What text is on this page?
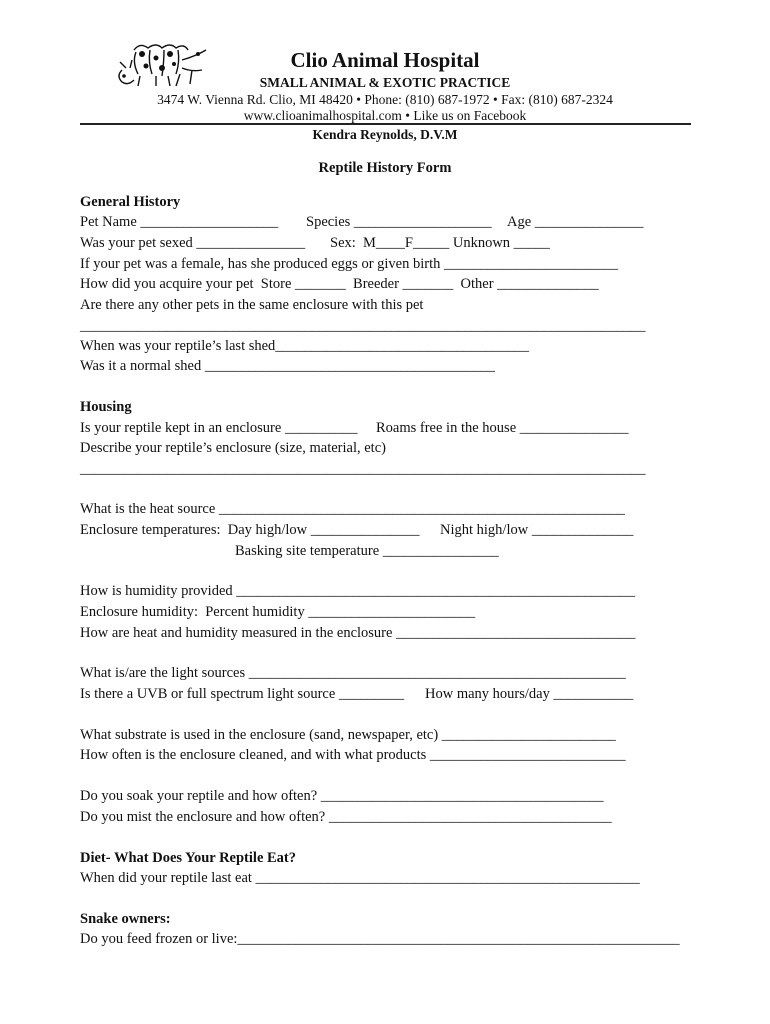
Clio Animal Hospital
SMALL ANIMAL & EXOTIC PRACTICE
3474 W. Vienna Rd. Clio, MI 48420 • Phone: (810) 687-1972 • Fax: (810) 687-2324
www.clioanimalhospital.com • Like us on Facebook
Kendra Reynolds, D.V.M
Reptile History Form
General History
Pet Name ___________________ Species ___________________ Age _______________
Was your pet sexed _______________ Sex:  M____F_____ Unknown _____
If your pet was a female, has she produced eggs or given birth ________________________
How did you acquire your pet  Store _______  Breeder _______  Other ______________
Are there any other pets in the same enclosure with this pet
______________________________________________________________________________
When was your reptile’s last shed___________________________________
Was it a normal shed ________________________________________
Housing
Is your reptile kept in an enclosure __________ Roams free in the house _______________
Describe your reptile’s enclosure (size, material, etc)
______________________________________________________________________________
What is the heat source ________________________________________________________
Enclosure temperatures:  Day high/low _______________ Night high/low ______________
Basking site temperature ________________
How is humidity provided _______________________________________________________
Enclosure humidity:  Percent humidity _______________________
How are heat and humidity measured in the enclosure _________________________________
What is/are the light sources ____________________________________________________
Is there a UVB or full spectrum light source _________ How many hours/day ___________
What substrate is used in the enclosure (sand, newspaper, etc) ________________________
How often is the enclosure cleaned, and with what products ___________________________
Do you soak your reptile and how often? _______________________________________
Do you mist the enclosure and how often? _______________________________________
Diet- What Does Your Reptile Eat?
When did your reptile last eat _____________________________________________________
Snake owners:
Do you feed frozen or live:_____________________________________________________________
